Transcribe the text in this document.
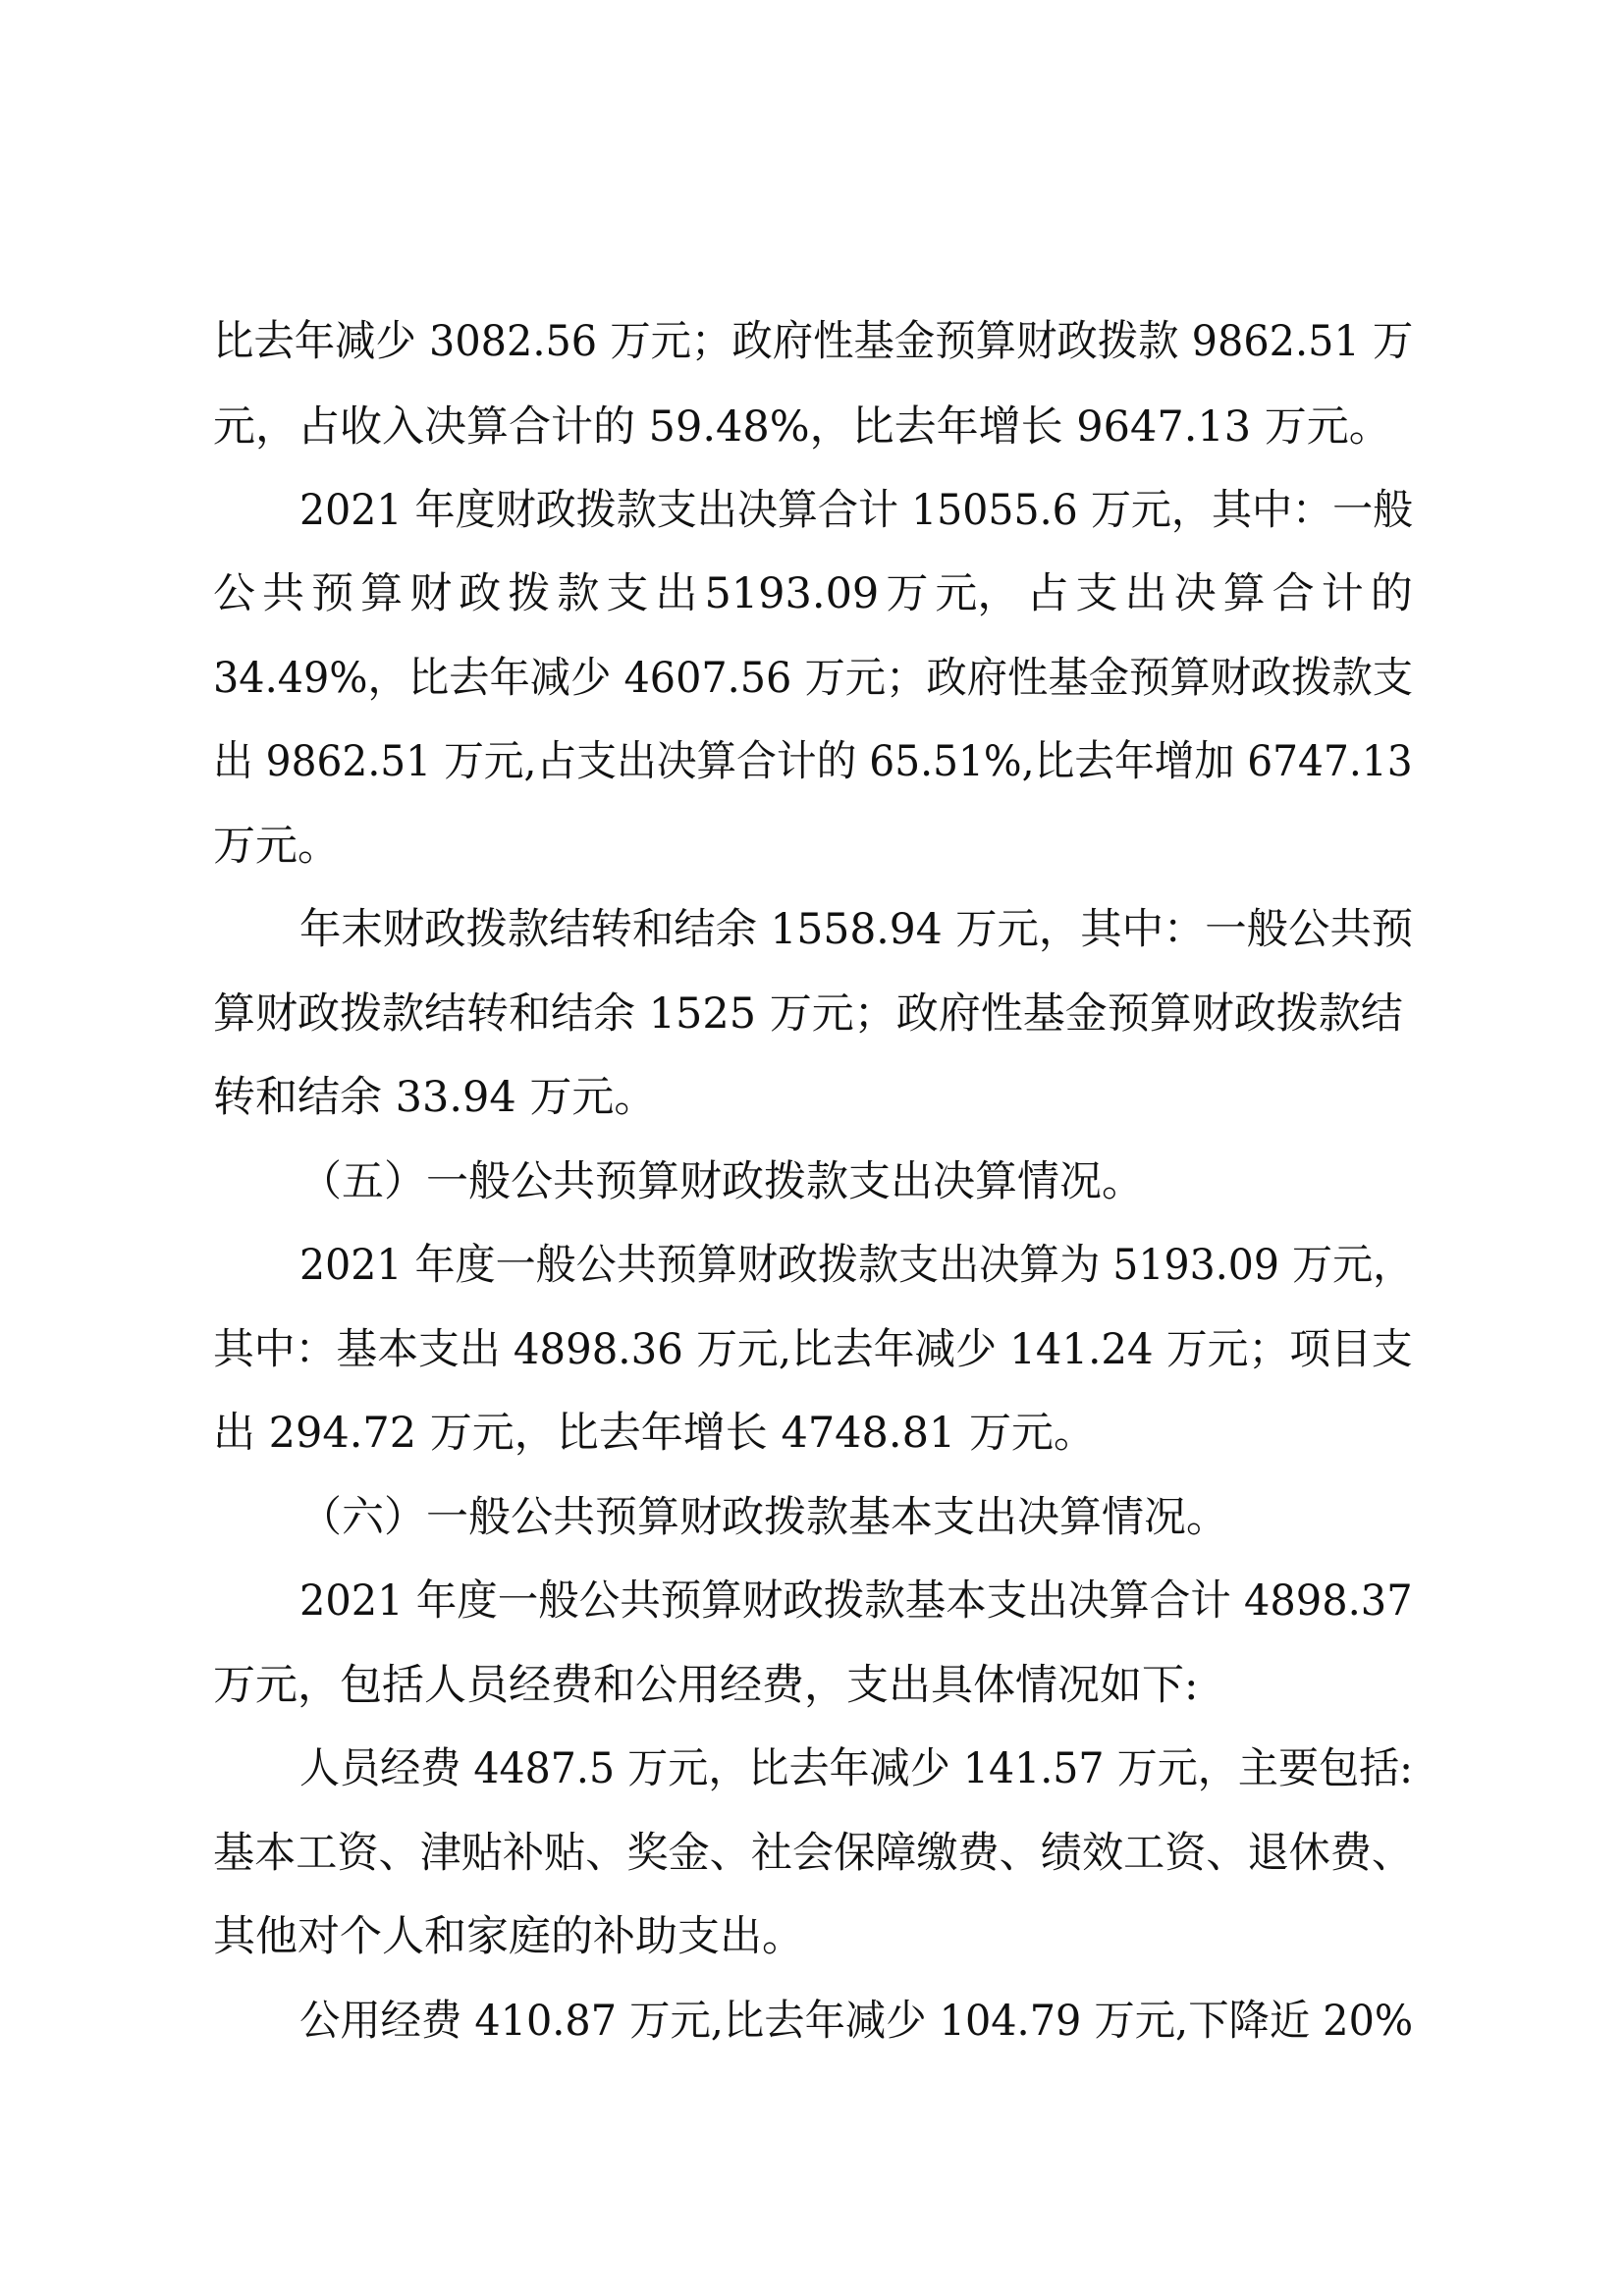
比去年减少 3082.56 万元；政府性基金预算财政拨款 9862.51 万
元，占收入决算合计的 59.48%，比去年增长 9647.13 万元。
2021 年度财政拨款支出决算合计 15055.6 万元，其中：一般
公 共 预 算 财 政 拨 款 支 出 5193.09 万 元， 占 支 出 决 算 合 计 的
34.49%，比去年减少 4607.56 万元；政府性基金预算财政拨款支
出 9862.51 万元,占支出决算合计的 65.51%,比去年增加 6747.13
万元。
年末财政拨款结转和结余 1558.94 万元，其中：一般公共预
算财政拨款结转和结余 1525 万元；政府性基金预算财政拨款结
转和结余 33.94 万元。
（五）一般公共预算财政拨款支出决算情况。
2021 年度一般公共预算财政拨款支出决算为 5193.09 万元，
其中：基本支出 4898.36 万元,比去年减少 141.24 万元；项目支
出 294.72 万元，比去年增长 4748.81 万元。
（六）一般公共预算财政拨款基本支出决算情况。
2021 年度一般公共预算财政拨款基本支出决算合计 4898.37
万元，包括人员经费和公用经费，支出具体情况如下:
人员经费 4487.5 万元，比去年减少 141.57 万元，主要包括:
基本工资、津贴补贴、奖金、社会保障缴费、绩效工资、退休费、
其他对个人和家庭的补助支出。
公用经费 410.87 万元,比去年减少 104.79 万元,下降近 20%
